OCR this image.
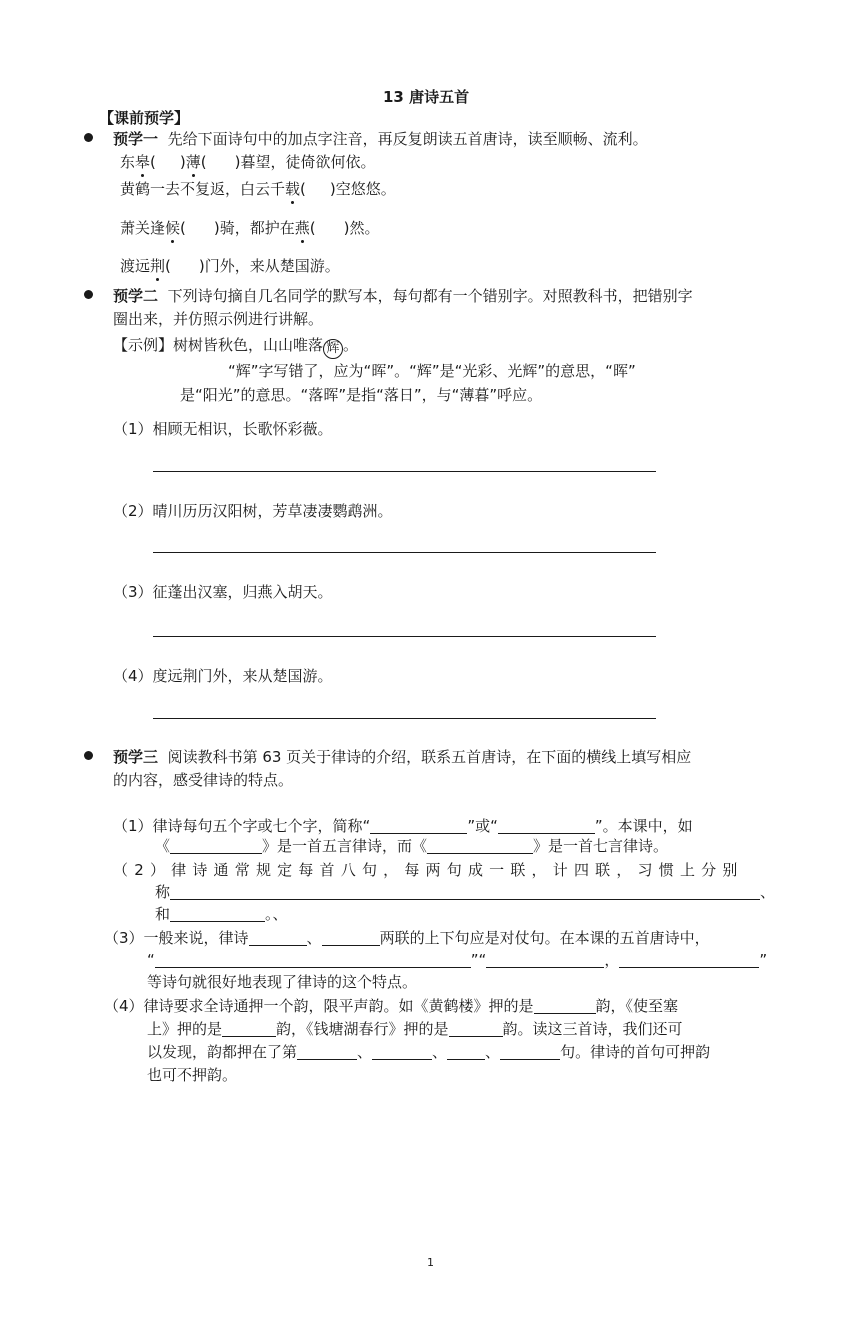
13 唐诗五首
【课前预学】
预学一 先给下面诗句中的加点字注音，再反复朗读五首唐诗，读至顺畅、流利。
东皋( )薄( )暮望，徒倚欲何依。
黄鹤一去不复返，白云千载( )空悠悠。
萧关逢候( )骑，都护在燕( )然。
渡远荆( )门外，来从楚国游。
预学二 下列诗句摘自几名同学的默写本，每句都有一个错别字。对照教科书，把错别字
圈出来，并仿照示例进行讲解。
【示例】树树皆秋色，山山唯落 辉 。
“辉”字写错了，应为“晖”。“辉”是“光彩、光辉”的意思，“晖”
是“阳光”的意思。“落晖”是指“落日”，与“薄暮”呼应。
（1）相顾无相识，长歌怀彩薇。
（2）晴川历历汉阳树，芳草凄凄鹦鹉洲。
（3）征蓬出汉塞，归燕入胡天。
（4）度远荆门外，来从楚国游。
预学三 阅读教科书第 63 页关于律诗的介绍，联系五首唐诗，在下面的横线上填写相应
的内容，感受律诗的特点。
（1）律诗每句五个字或七个字，简称“	”或“	”。本课中，如
《	》是一首五言律诗，而《	》是一首七言律诗。
（2）律诗通常规定每首八句，每两句成一联，计四联，习惯上分别
称	、
和	。、
（3）一般来说，律诗	、	两联的上下句应是对仗句。在本课的五首唐诗中，
“	”“	，	”
等诗句就很好地表现了律诗的这个特点。
（4）律诗要求全诗通押一个韵，限平声韵。如《黄鹤楼》押的是	韵，《使至塞
上》押的是	韵，《钱塘湖春行》押的是	韵。读这三首诗，我们还可
以发现，韵都押在了第	、	、	、	句。律诗的首句可押韵
也可不押韵。
1
